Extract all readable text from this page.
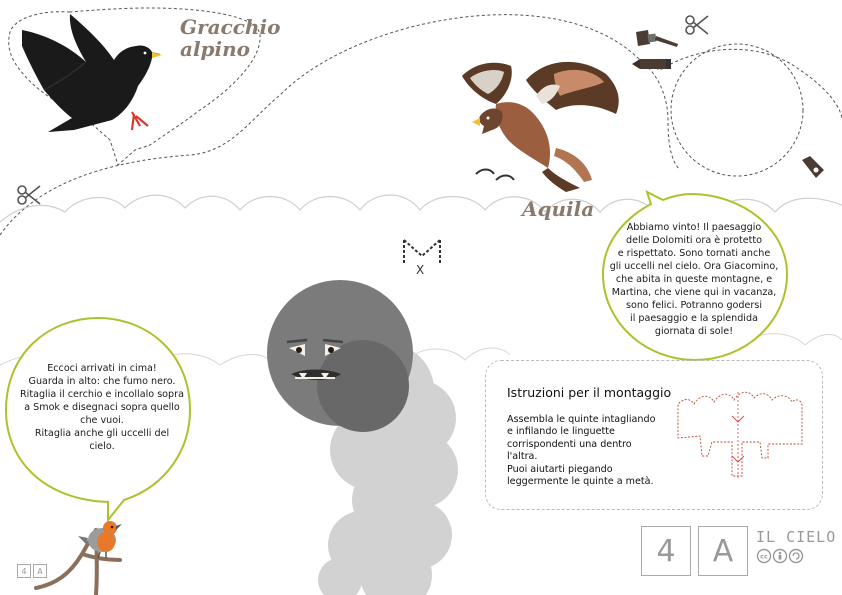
Gracchio
alpino
Aquila
X
Eccoci arrivati in cima!
Guarda in alto: che fumo nero.
Ritaglia il cerchio e incollalo sopra
a Smok e disegnaci sopra quello
che vuoi.
Ritaglia anche gli uccelli del
cielo.
Abbiamo vinto! Il paesaggio
delle Dolomiti ora è protetto
e rispettato. Sono tornati anche
gli uccelli nel cielo. Ora Giacomino,
che abita in queste montagne, e
Martina, che viene qui in vacanza,
sono felici. Potranno godersi
il paesaggio e la splendida
giornata di sole!
Istruzioni per il montaggio
Assembla le quinte intagliando
e infilando le linguette
corrispondenti una dentro
l'altra.
Puoi aiutarti piegando
leggermente le quinte a metà.
4	A
4	A	IL CIELO
cc
